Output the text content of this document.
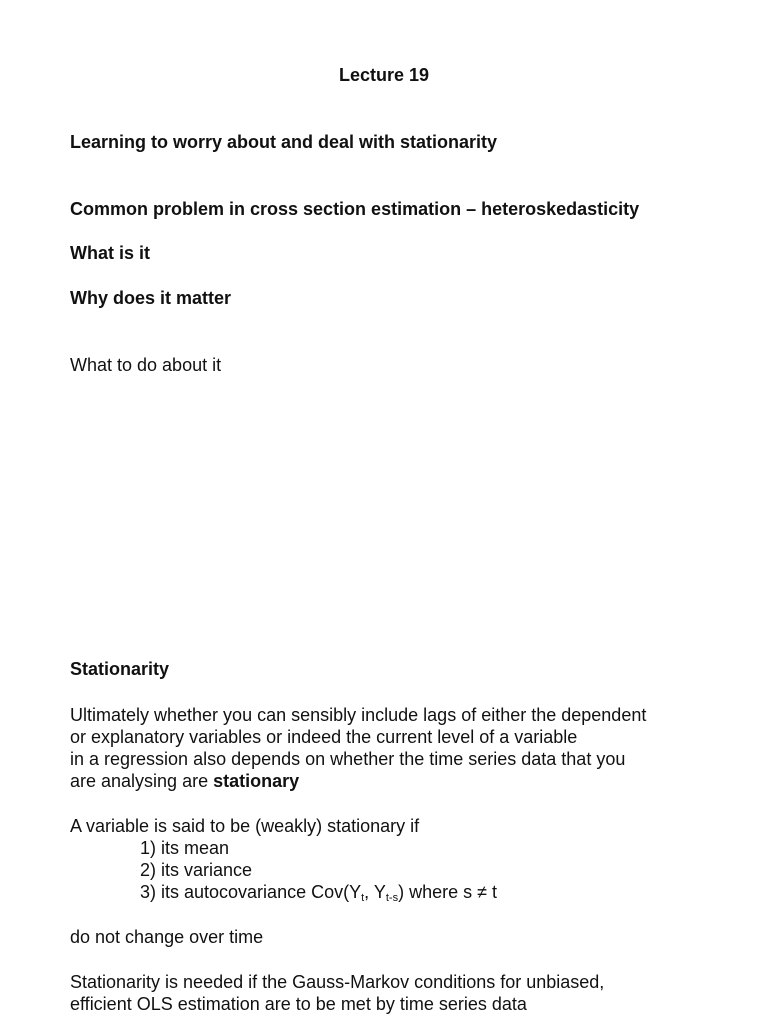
Lecture 19
Learning to worry about and deal with stationarity
Common problem in cross section estimation – heteroskedasticity
What is it
Why does it matter
What to do about it
Stationarity
Ultimately whether you can sensibly include lags of either the dependent
or explanatory variables or indeed the current level of a variable
in a regression also depends on whether the time series data that you
are analysing are stationary
A variable is said to be (weakly) stationary if
1) its mean
2) its variance
3) its autocovariance $Cov(Y_t$, $Y_{t-s}$) where s ≠ t
do not change over time
Stationarity is needed if the Gauss-Markov conditions for unbiased,
efficient OLS estimation are to be met by time series data
